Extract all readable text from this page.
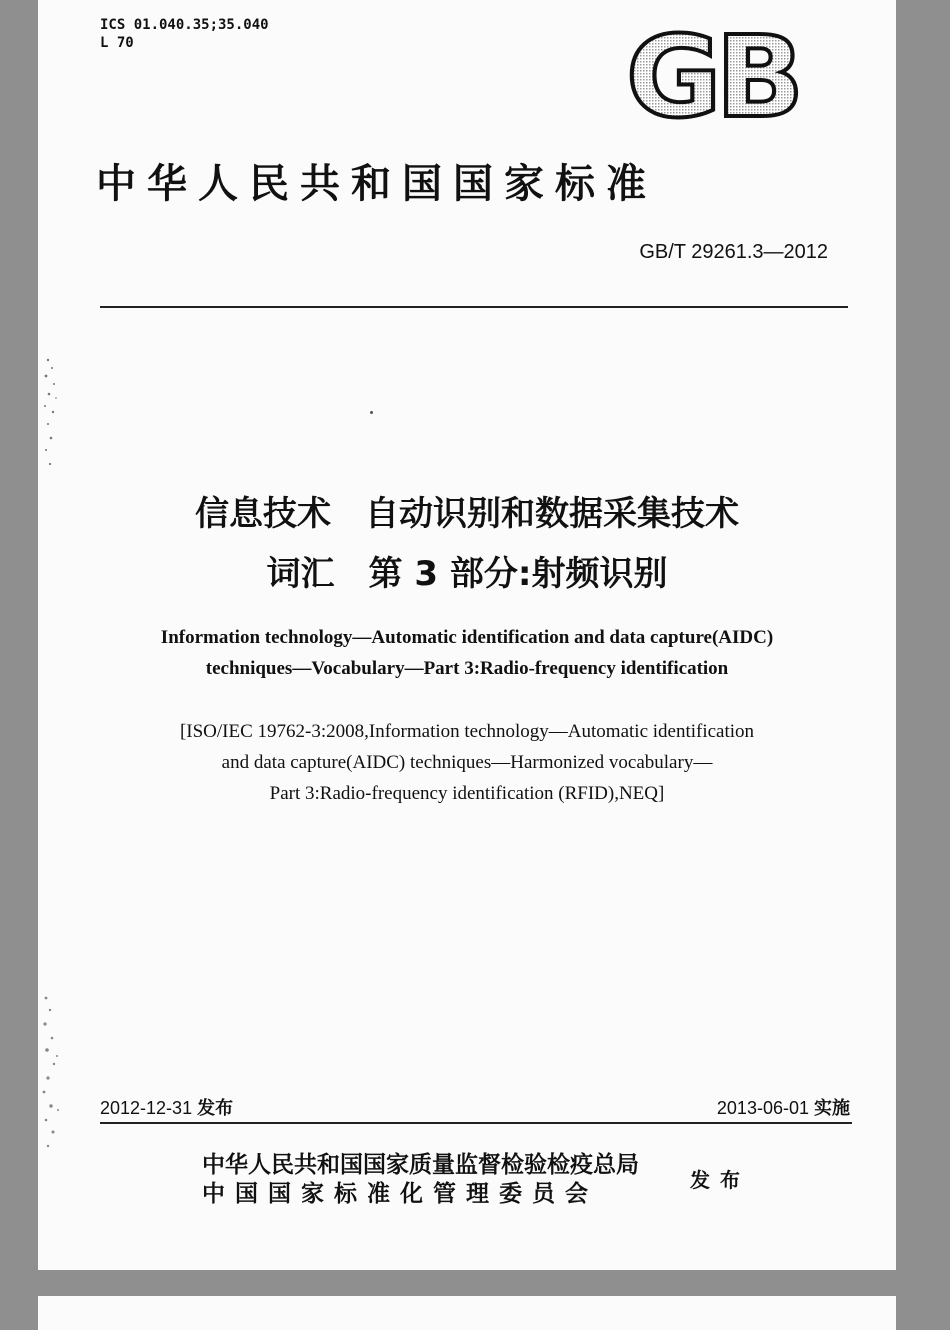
ICS 01.040.35;35.040
L 70	GB
中华人民共和国国家标准
GB/T 29261.3—2012
信息技术　自动识别和数据采集技术
词汇　第 3 部分:射频识别
Information technology—Automatic identification and data capture(AIDC)
techniques—Vocabulary—Part 3:Radio-frequency identification
[ISO/IEC 19762-3:2008,Information technology—Automatic identification
and data capture(AIDC) techniques—Harmonized vocabulary—
Part 3:Radio-frequency identification (RFID),NEQ]
2012-12-31 发布	2013-06-01 实施
中华人民共和国国家质量监督检验检疫总局
中国国家标准化管理委员会	发布
